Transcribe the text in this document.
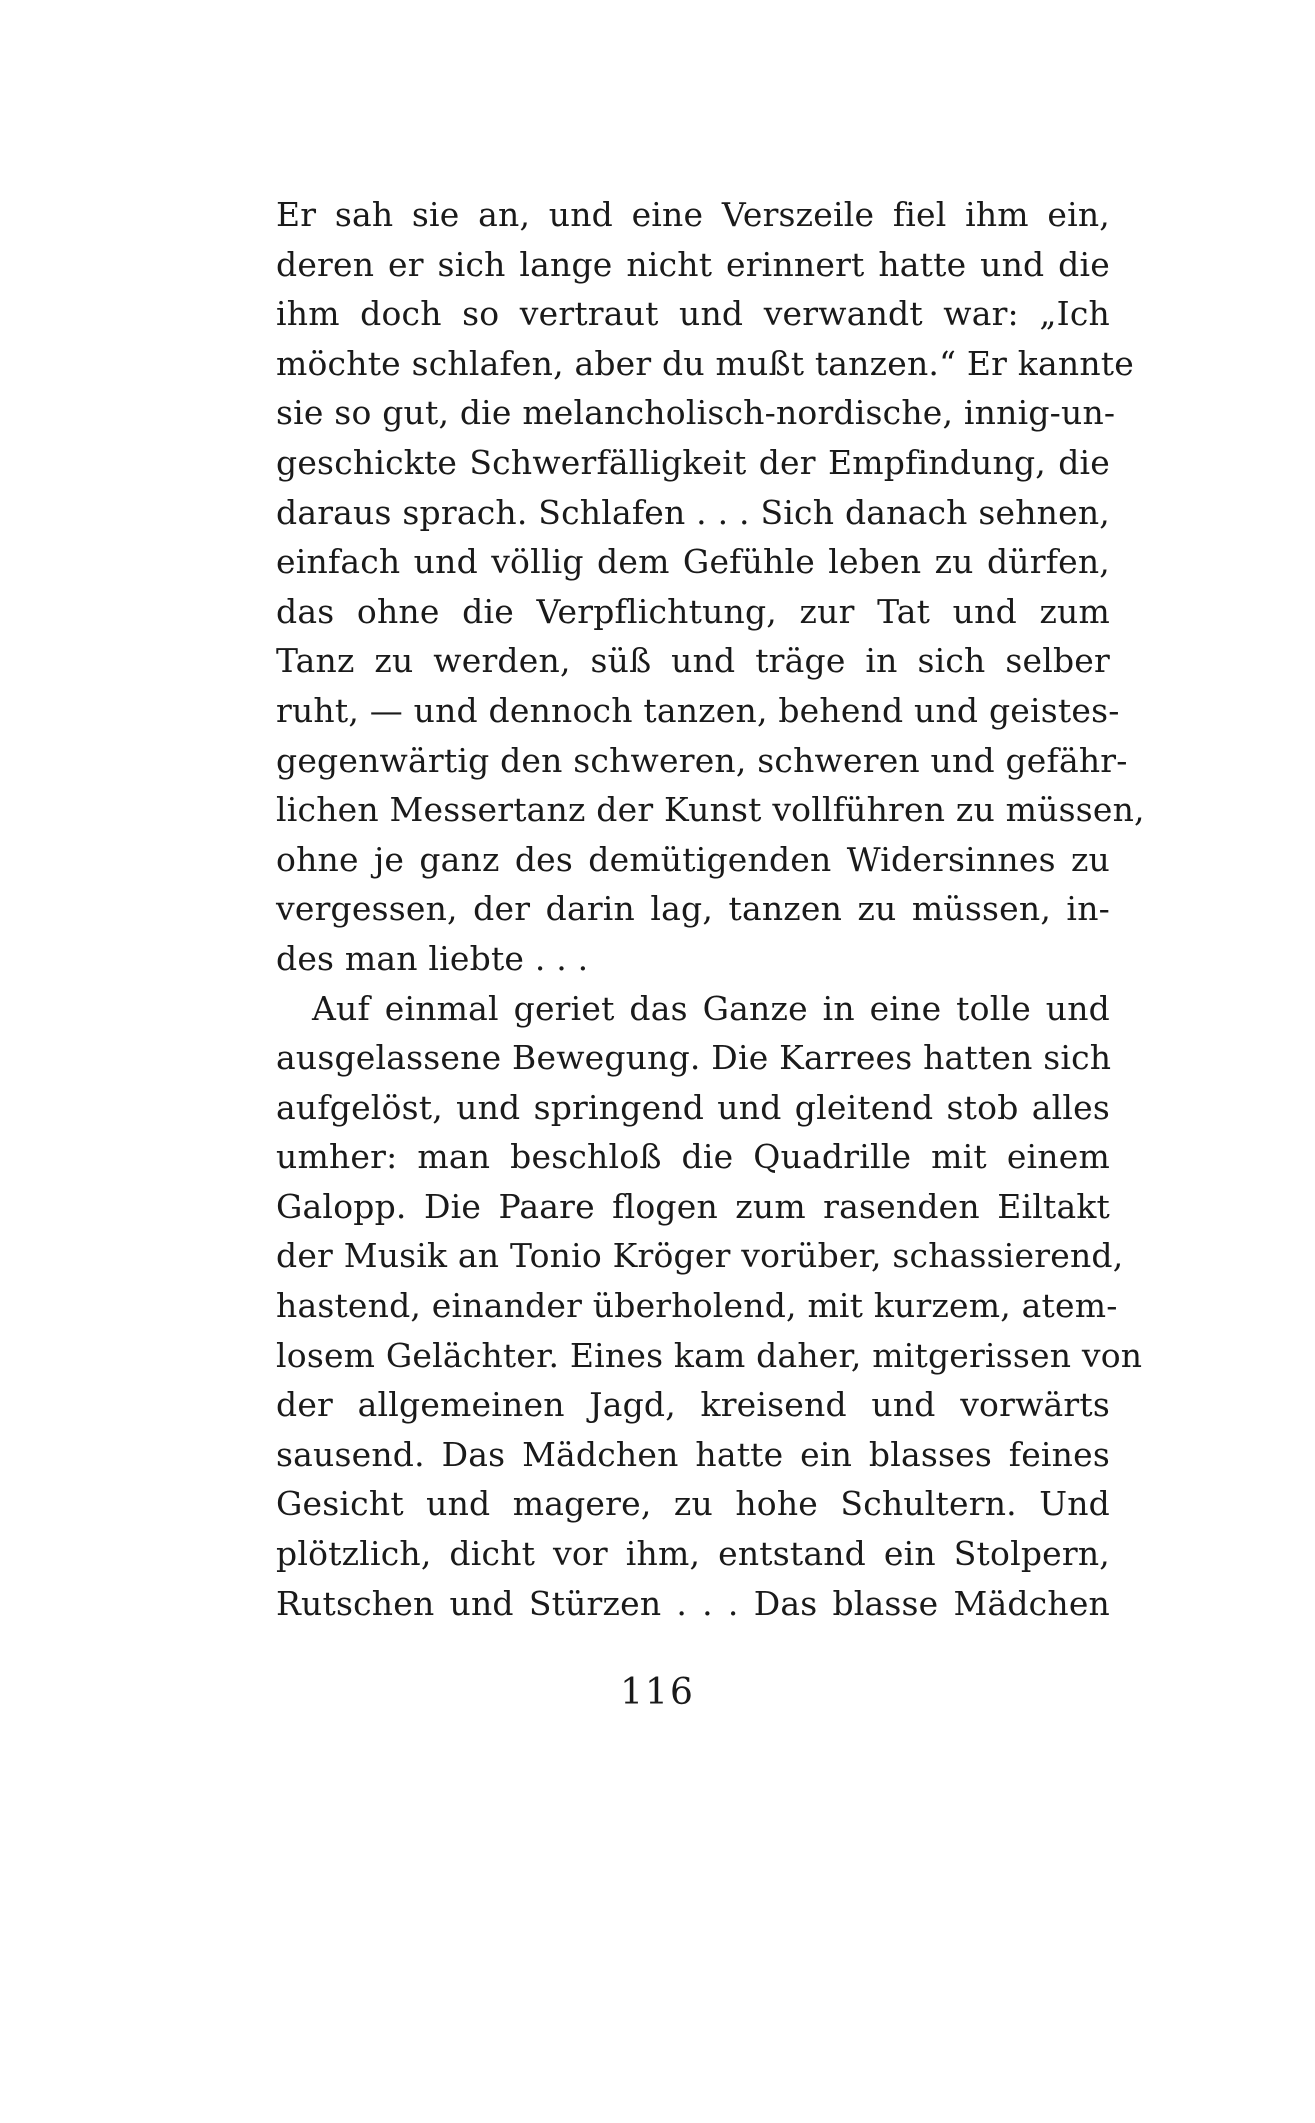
Er sah sie an, und eine Verszeile fiel ihm ein,
deren er sich lange nicht erinnert hatte und die
ihm doch so vertraut und verwandt war: „Ich
möchte schlafen, aber du mußt tanzen.“ Er kannte
sie so gut, die melancholisch-nordische, innig-un-
geschickte Schwerfälligkeit der Empfindung, die
daraus sprach. Schlafen . . . Sich danach sehnen,
einfach und völlig dem Gefühle leben zu dürfen,
das ohne die Verpflichtung, zur Tat und zum
Tanz zu werden, süß und träge in sich selber
ruht, — und dennoch tanzen, behend und geistes-
gegenwärtig den schweren, schweren und gefähr-
lichen Messertanz der Kunst vollführen zu müssen,
ohne je ganz des demütigenden Widersinnes zu
vergessen, der darin lag, tanzen zu müssen, in-
des man liebte . . .
Auf einmal geriet das Ganze in eine tolle und
ausgelassene Bewegung. Die Karrees hatten sich
aufgelöst, und springend und gleitend stob alles
umher: man beschloß die Quadrille mit einem
Galopp. Die Paare flogen zum rasenden Eiltakt
der Musik an Tonio Kröger vorüber, schassierend,
hastend, einander überholend, mit kurzem, atem-
losem Gelächter. Eines kam daher, mitgerissen von
der allgemeinen Jagd, kreisend und vorwärts
sausend. Das Mädchen hatte ein blasses feines
Gesicht und magere, zu hohe Schultern. Und
plötzlich, dicht vor ihm, entstand ein Stolpern,
Rutschen und Stürzen . . . Das blasse Mädchen
116
